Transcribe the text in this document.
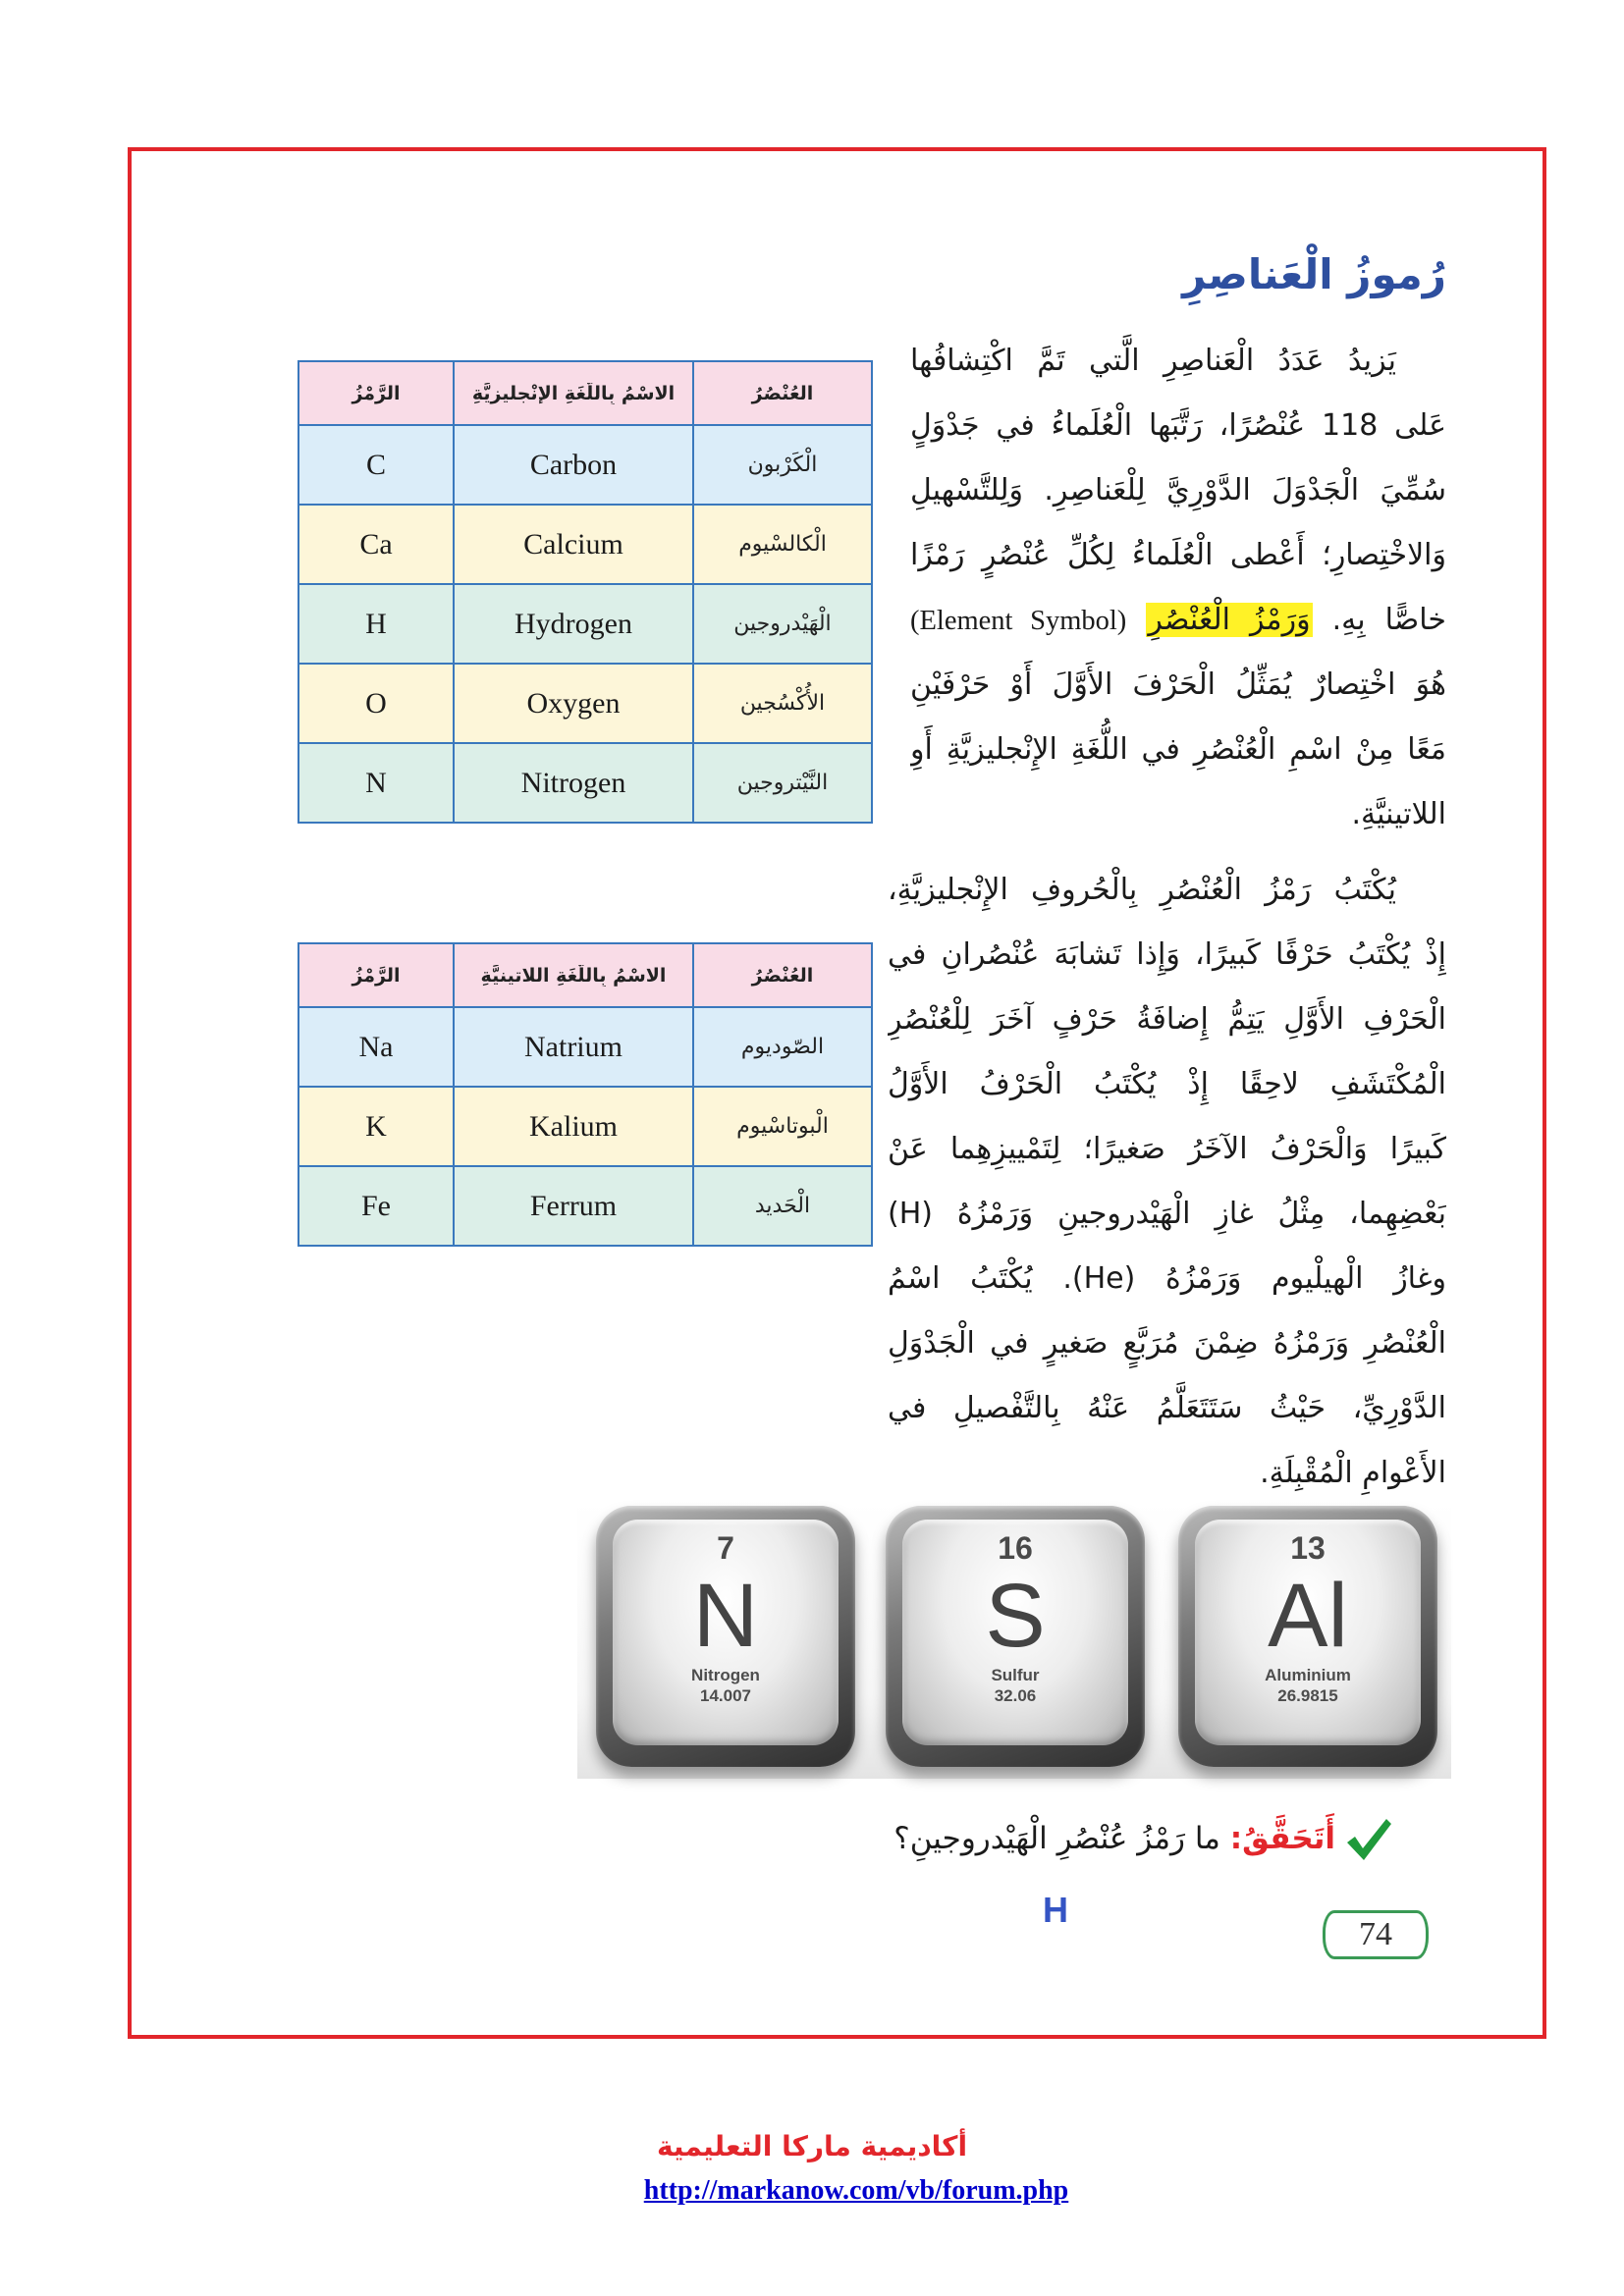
رُموزُ الْعَناصِرِ
يَزيدُ عَدَدُ الْعَناصِرِ الَّتي تَمَّ اكْتِشافُها
عَلى 118 عُنْصُرًا، رَتَّبَها الْعُلَماءُ في جَدْوَلٍ
سُمِّيَ الْجَدْوَلَ الدَّوْرِيَّ لِلْعَناصِرِ. وَلِلتَّسْهيلِ
وَالاخْتِصارِ؛ أَعْطى الْعُلَماءُ لِكُلِّ عُنْصُرٍ رَمْزًا
خاصًّا بِهِ. وَرَمْزُ الْعُنْصُرِ (Element Symbol)
هُوَ اخْتِصارٌ يُمَثِّلُ الْحَرْفَ الأَوَّلَ أَوْ حَرْفَيْنِ
مَعًا مِنْ اسْمِ الْعُنْصُرِ في اللُّغَةِ الإِنْجليزيَّةِ أَوِ
اللاتينيَّةِ.
يُكْتَبُ رَمْزُ الْعُنْصُرِ بِالْحُروفِ الإِنْجليزيَّةِ،
إِذْ يُكْتَبُ حَرْفًا كَبيرًا، وَإِذا تَشابَهَ عُنْصُرانِ في
الْحَرْفِ الأَوَّلِ يَتِمُّ إِضافَةُ حَرْفٍ آخَرَ لِلْعُنْصُرِ
الْمُكْتَشَفِ لاحِقًا إِذْ يُكْتَبُ الْحَرْفُ الأَوَّلُ
كَبيرًا وَالْحَرْفُ الآخَرُ صَغيرًا؛ لِتَمْييزِهِما عَنْ
بَعْضِهِما، مِثْلُ غازِ الْهَيْدروجينِ وَرَمْزُهُ (H)
وغازُ الْهيلْيوم وَرَمْزُهُ (He). يُكْتَبُ اسْمُ
الْعُنْصُرِ وَرَمْزُهُ ضِمْنَ مُرَبَّعٍ صَغيرٍ في الْجَدْوَلِ
الدَّوْرِيِّ، حَيْثُ سَتَتَعَلَّمُ عَنْهُ بِالتَّفْصيلِ في
الأَعْوامِ الْمُقْبِلَةِ.
الرَّمْزُ	الاسْمُ بِاللُّغَةِ الإِنْجليزيَّةِ	العُنْصُرُ

C	Carbon	الْكَرْبون
Ca	Calcium	الْكالسْيوم
H	Hydrogen	الْهَيْدروجين
O	Oxygen	الأُكْسُجين
N	Nitrogen	النَّيْتروجين
الرَّمْزُ	الاسْمُ بِاللُّغَةِ اللاتينيَّةِ	العُنْصُرُ

Na	Natrium	الصّوديوم
K	Kalium	الْبوتاسْيوم
Fe	Ferrum	الْحَديد
7
N
Nitrogen
14.007
16
S
Sulfur
32.06
13
Al
Aluminium
26.9815
أَتَحَقَّقُ: ما رَمْزُ عُنْصُرِ الْهَيْدروجينِ؟
H
74
أكاديمية ماركا التعليمية
http://markanow.com/vb/forum.php
